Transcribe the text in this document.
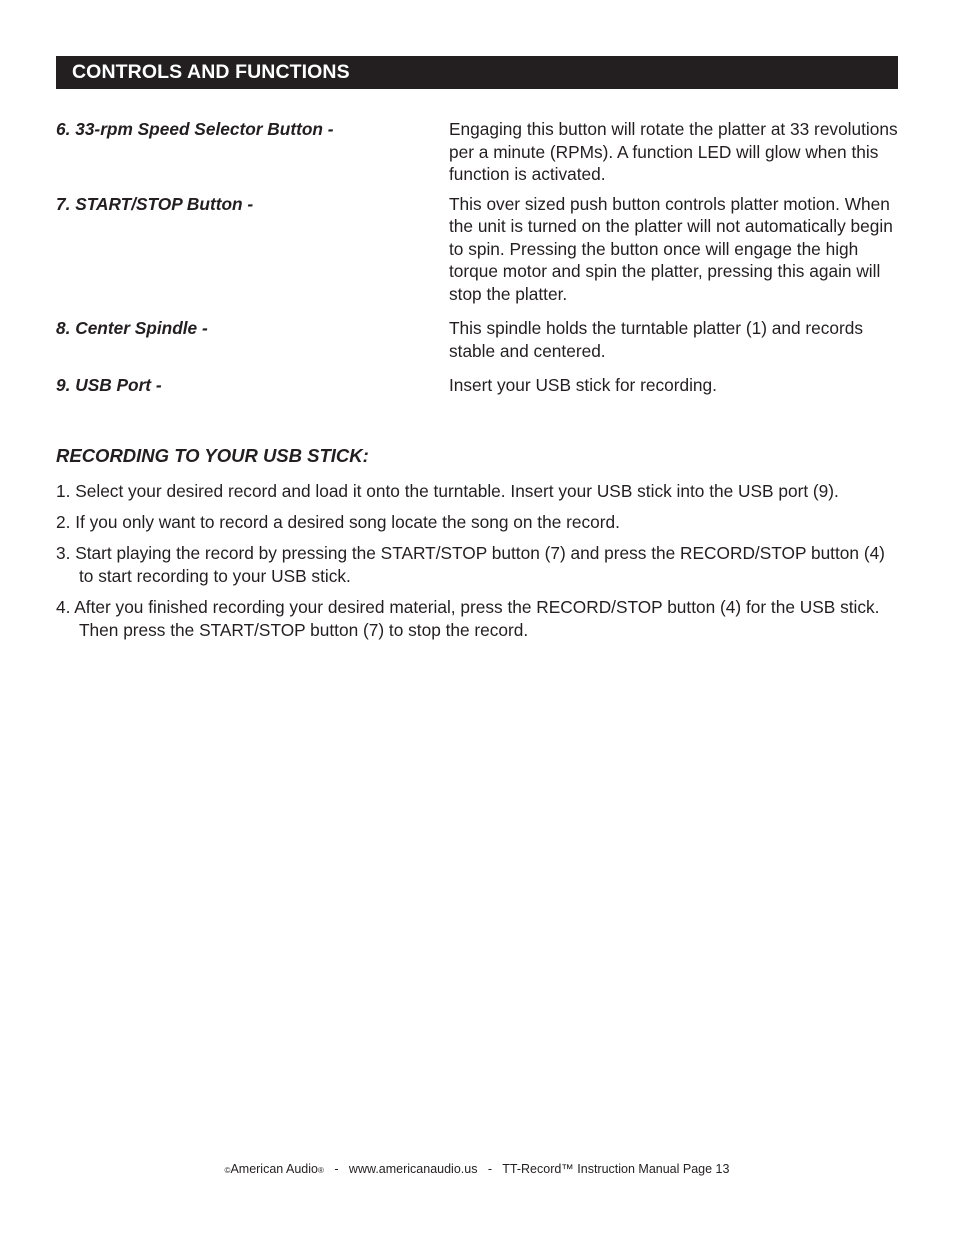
CONTROLS AND FUNCTIONS
6. 33-rpm Speed Selector Button -	Engaging this button will rotate the platter at 33 revolutions per a minute (RPMs). A function LED will glow when this function is activated.
7. START/STOP Button -	This over sized push button controls platter motion. When the unit is turned on the platter will not automatically begin to spin. Pressing the button once will engage the high torque motor and spin the platter, pressing this again will stop the platter.
8. Center Spindle -	This spindle holds the turntable platter (1) and records stable and centered.
9. USB Port -	Insert your USB stick for recording.
RECORDING TO YOUR USB STICK:
1. Select your desired record and load it onto the turntable. Insert your USB stick into the USB port (9).
2. If you only want to record a desired song locate the song on the record.
3. Start playing the record by pressing the START/STOP button (7) and press the RECORD/STOP button (4) to start recording to your USB stick.
4. After you finished recording your desired material, press the RECORD/STOP button (4) for the USB stick. Then press the START/STOP button (7) to stop the record.
©American Audio® - www.americanaudio.us - TT-Record™ Instruction Manual Page 13
